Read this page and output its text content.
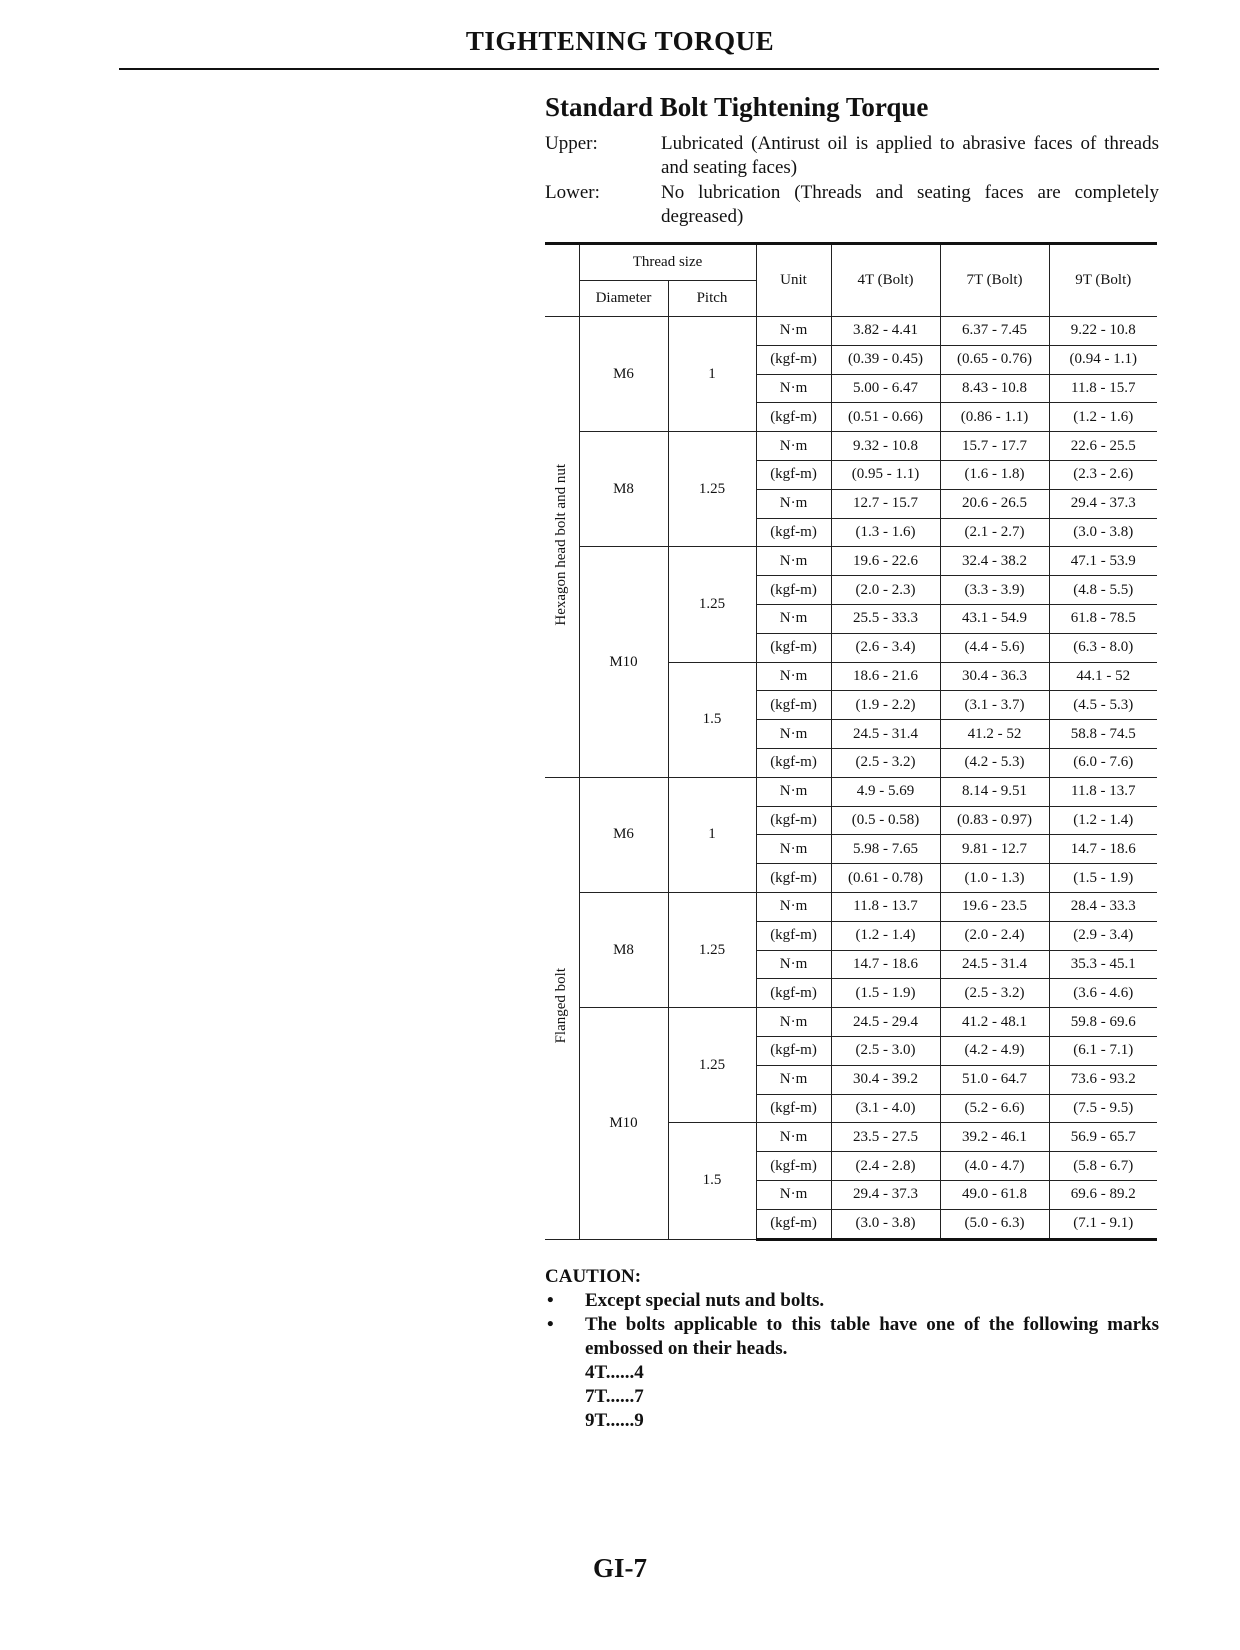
TIGHTENING TORQUE
Standard Bolt Tightening Torque
Upper:	Lubricated (Antirust oil is applied to abrasive faces of threads and seating faces)
Lower:	No lubrication (Threads and seating faces are completely degreased)
	Thread size		Unit	4T (Bolt)	7T (Bolt)	9T (Bolt)
	Diameter	Pitch				
Hexagon head bolt and nut	M6	1	N·m	3.82 - 4.41	6.37 - 7.45	9.22 - 10.8
			(kgf-m)	(0.39 - 0.45)	(0.65 - 0.76)	(0.94 - 1.1)
			N·m	5.00 - 6.47	8.43 - 10.8	11.8 - 15.7
			(kgf-m)	(0.51 - 0.66)	(0.86 - 1.1)	(1.2 - 1.6)
	M8	1.25	N·m	9.32 - 10.8	15.7 - 17.7	22.6 - 25.5
			(kgf-m)	(0.95 - 1.1)	(1.6 - 1.8)	(2.3 - 2.6)
			N·m	12.7 - 15.7	20.6 - 26.5	29.4 - 37.3
			(kgf-m)	(1.3 - 1.6)	(2.1 - 2.7)	(3.0 - 3.8)
	M10	1.25	N·m	19.6 - 22.6	32.4 - 38.2	47.1 - 53.9
			(kgf-m)	(2.0 - 2.3)	(3.3 - 3.9)	(4.8 - 5.5)
			N·m	25.5 - 33.3	43.1 - 54.9	61.8 - 78.5
			(kgf-m)	(2.6 - 3.4)	(4.4 - 5.6)	(6.3 - 8.0)
		1.5	N·m	18.6 - 21.6	30.4 - 36.3	44.1 - 52
			(kgf-m)	(1.9 - 2.2)	(3.1 - 3.7)	(4.5 - 5.3)
			N·m	24.5 - 31.4	41.2 - 52	58.8 - 74.5
			(kgf-m)	(2.5 - 3.2)	(4.2 - 5.3)	(6.0 - 7.6)
Flanged bolt	M6	1	N·m	4.9 - 5.69	8.14 - 9.51	11.8 - 13.7
			(kgf-m)	(0.5 - 0.58)	(0.83 - 0.97)	(1.2 - 1.4)
			N·m	5.98 - 7.65	9.81 - 12.7	14.7 - 18.6
			(kgf-m)	(0.61 - 0.78)	(1.0 - 1.3)	(1.5 - 1.9)
	M8	1.25	N·m	11.8 - 13.7	19.6 - 23.5	28.4 - 33.3
			(kgf-m)	(1.2 - 1.4)	(2.0 - 2.4)	(2.9 - 3.4)
			N·m	14.7 - 18.6	24.5 - 31.4	35.3 - 45.1
			(kgf-m)	(1.5 - 1.9)	(2.5 - 3.2)	(3.6 - 4.6)
	M10	1.25	N·m	24.5 - 29.4	41.2 - 48.1	59.8 - 69.6
			(kgf-m)	(2.5 - 3.0)	(4.2 - 4.9)	(6.1 - 7.1)
			N·m	30.4 - 39.2	51.0 - 64.7	73.6 - 93.2
			(kgf-m)	(3.1 - 4.0)	(5.2 - 6.6)	(7.5 - 9.5)
		1.5	N·m	23.5 - 27.5	39.2 - 46.1	56.9 - 65.7
			(kgf-m)	(2.4 - 2.8)	(4.0 - 4.7)	(5.8 - 6.7)
			N·m	29.4 - 37.3	49.0 - 61.8	69.6 - 89.2
			(kgf-m)	(3.0 - 3.8)	(5.0 - 6.3)	(7.1 - 9.1)
CAUTION:
• Except special nuts and bolts.
• The bolts applicable to this table have one of the following marks embossed on their heads.
4T......4
7T......7
9T......9
GI-7
